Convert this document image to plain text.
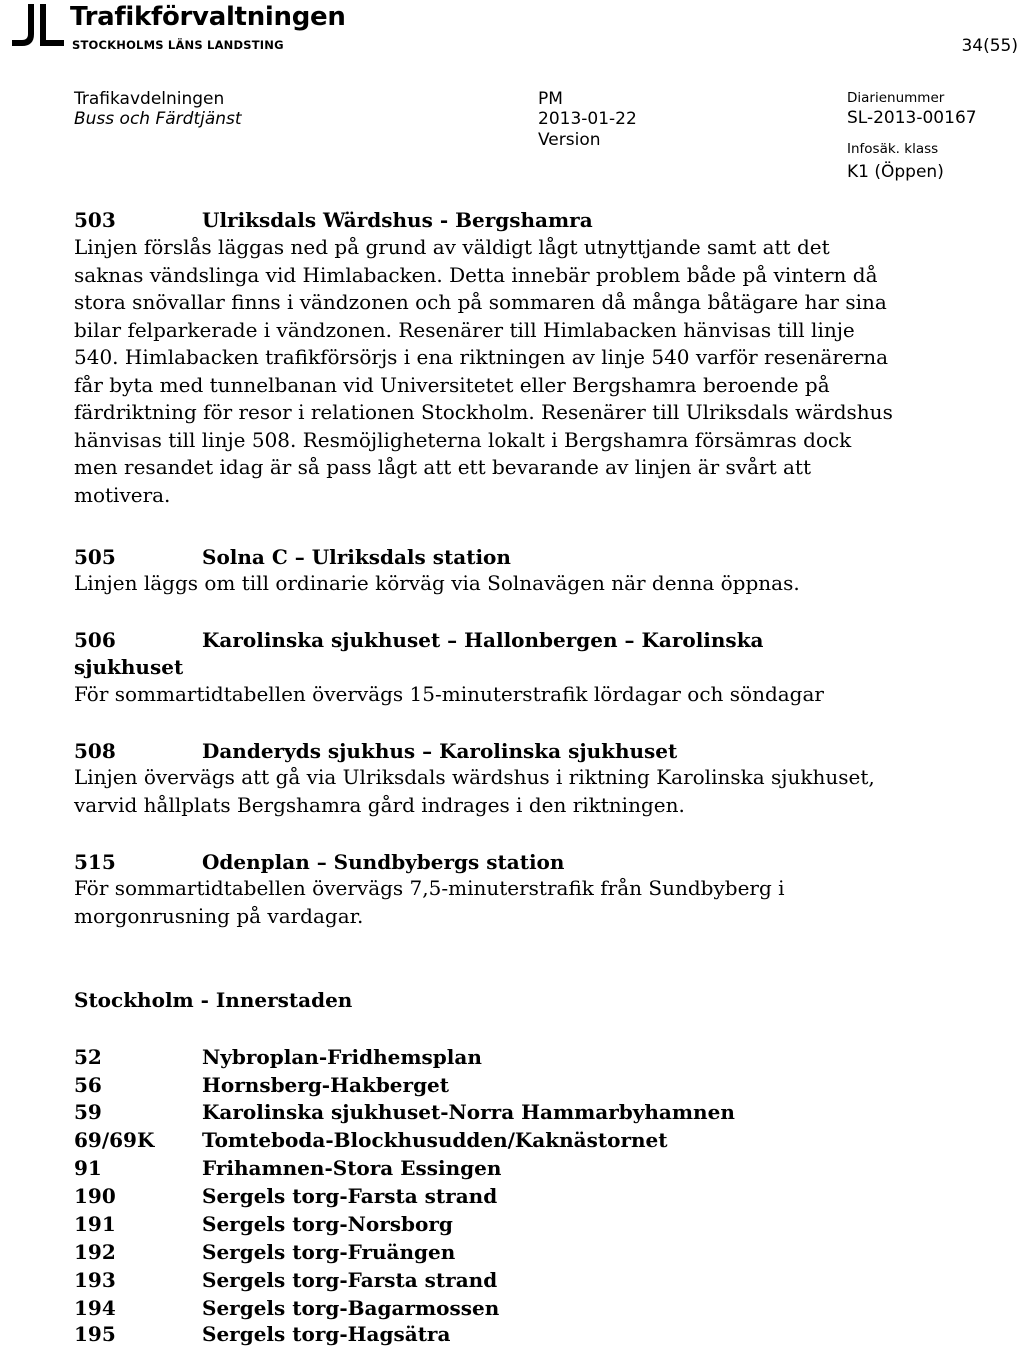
Trafikförvaltningen
STOCKHOLMS LÄNS LANDSTING	34(55)
Trafikavdelningen
Buss och Färdtjänst
PM
2013-01-22
Version
Diarienummer
SL-2013-00167
Infosäk. klass
K1 (Öppen)
503	Ulriksdals Wärdshus - Bergshamra
Linjen förslås läggas ned på grund av väldigt lågt utnyttjande samt att det
saknas vändslinga vid Himlabacken. Detta innebär problem både på vintern då
stora snövallar finns i vändzonen och på sommaren då många båtägare har sina
bilar felparkerade i vändzonen. Resenärer till Himlabacken hänvisas till linje
540. Himlabacken trafikförsörjs i ena riktningen av linje 540 varför resenärerna
får byta med tunnelbanan vid Universitetet eller Bergshamra beroende på
färdriktning för resor i relationen Stockholm. Resenärer till Ulriksdals wärdshus
hänvisas till linje 508. Resmöjligheterna lokalt i Bergshamra försämras dock
men resandet idag är så pass lågt att ett bevarande av linjen är svårt att
motivera.
505	Solna C – Ulriksdals station
Linjen läggs om till ordinarie körväg via Solnavägen när denna öppnas.
506	Karolinska sjukhuset – Hallonbergen – Karolinska
sjukhuset
För sommartidtabellen övervägs 15-minuterstrafik lördagar och söndagar
508	Danderyds sjukhus – Karolinska sjukhuset
Linjen övervägs att gå via Ulriksdals wärdshus i riktning Karolinska sjukhuset,
varvid hållplats Bergshamra gård indrages i den riktningen.
515	Odenplan – Sundbybergs station
För sommartidtabellen övervägs 7,5-minuterstrafik från Sundbyberg i
morgonrusning på vardagar.
Stockholm - Innerstaden
52	Nybroplan-Fridhemsplan
56	Hornsberg-Hakberget
59	Karolinska sjukhuset-Norra Hammarbyhamnen
69/69K Tomteboda-Blockhusudden/Kaknästornet
91	Frihamnen-Stora Essingen
190	Sergels torg-Farsta strand
191	Sergels torg-Norsborg
192	Sergels torg-Fruängen
193	Sergels torg-Farsta strand
194	Sergels torg-Bagarmossen
195	Sergels torg-Hagsätra
